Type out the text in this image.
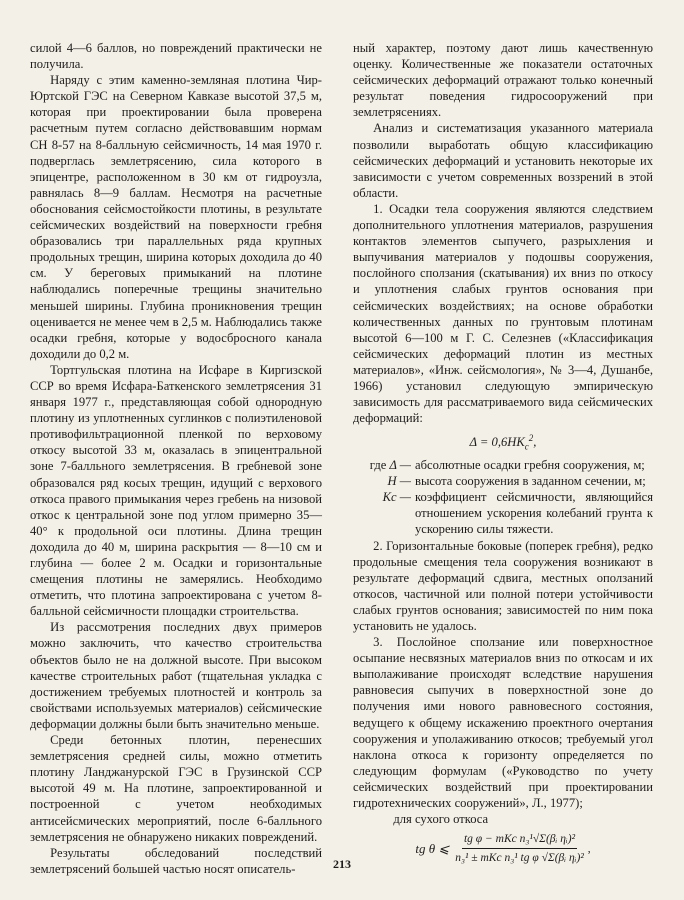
силой 4—6 баллов, но повреждений практически не получила.

Наряду с этим каменно-земляная плотина Чир-Юртской ГЭС на Северном Кавказе высотой 37,5 м, которая при проектировании была проверена расчетным путем согласно действовавшим нормам СН 8-57 на 8-балльную сейсмичность, 14 мая 1970 г. подверглась землетрясению, сила которого в эпицентре, расположенном в 30 км от гидроузла, равнялась 8—9 баллам. Несмотря на расчетные обоснования сейсмостойкости плотины, в результате сейсмических воздействий на поверхности гребня образовались три параллельных ряда крупных продольных трещин, ширина которых доходила до 40 см. У береговых примыканий на плотине наблюдались поперечные трещины значительно меньшей ширины. Глубина проникновения трещин оценивается не менее чем в 2,5 м. Наблюдались также осадки гребня, которые у водосбросного канала доходили до 0,2 м.

Тортгульская плотина на Исфаре в Киргизской ССР во время Исфара-Баткенского землетрясения 31 января 1977 г., представляющая собой однородную плотину из уплотненных суглинков с полиэтиленовой противофильтрационной пленкой по верховому откосу высотой 33 м, оказалась в эпицентральной зоне 7-балльного землетрясения. В гребневой зоне образовался ряд косых трещин, идущий с верхового откоса правого примыкания через гребень на низовой откос к центральной зоне под углом примерно 35—40° к продольной оси плотины. Длина трещин доходила до 40 м, ширина раскрытия — 8—10 см и глубина — более 2 м. Осадки и горизонтальные смещения плотины не замерялись. Необходимо отметить, что плотина запроектирована с учетом 8-балльной сейсмичности площадки строительства.

Из рассмотрения последних двух примеров можно заключить, что качество строительства объектов было не на должной высоте. При высоком качестве строительных работ (тщательная укладка с достижением требуемых плотностей и контроль за свойствами используемых материалов) сейсмические деформации должны были быть значительно меньше.

Среди бетонных плотин, перенесших землетрясения средней силы, можно отметить плотину Ланджанурской ГЭС в Грузинской ССР высотой 49 м. На плотине, запроектированной и построенной с учетом необходимых антисейсмических мероприятий, после 6-балльного землетрясения не обнаружено никаких повреждений.

Результаты обследований последствий землетрясений большей частью носят описатель-

ный характер, поэтому дают лишь качественную оценку. Количественные же показатели остаточных сейсмических деформаций отражают только конечный результат поведения гидросооружений при землетрясениях.

Анализ и систематизация указанного материала позволили выработать общую классификацию сейсмических деформаций и установить некоторые их зависимости с учетом современных воззрений в этой области.

1. Осадки тела сооружения являются следствием дополнительного уплотнения материалов, разрушения контактов элементов сыпучего, разрыхления и выпучивания материалов у подошвы сооружения, послойного сползания (скатывания) их вниз по откосу и уплотнения слабых грунтов основания при сейсмических воздействиях; на основе обработки количественных данных по грунтовым плотинам высотой 6—100 м Г. С. Селезнев («Классификация сейсмических деформаций плотин из местных материалов», «Инж. сейсмология», № 3—4, Душанбе, 1966) установил следующую эмпирическую зависимость для рассматриваемого вида сейсмических деформаций:

$\Delta = 0,6HK_c^2$,
где Δ — абсолютные осадки гребня сооружения, м;
H — высота сооружения в заданном сечении, м;
Kс — коэффициент сейсмичности, являющийся отношением ускорения колебаний грунта к ускорению силы тяжести.

2. Горизонтальные боковые (поперек гребня), редко продольные смещения тела сооружения возникают в результате деформаций сдвига, местных оползаний откосов, частичной или полной потери устойчивости слабых грунтов основания; зависимостей по ним пока установить не удалось.

3. Послойное сползание или поверхностное осыпание несвязных материалов вниз по откосам и их выполаживание происходят вследствие нарушения равновесия сыпучих в поверхностной зоне до получения ими нового равновесного состояния, ведущего к общему искажению проектного очертания сооружения и уполаживанию откосов; требуемый угол наклона откоса к горизонту определяется по следующим формулам («Руководство по учету сейсмических воздействий при проектировании гидротехнических сооружений», Л., 1977);

для сухого откоса

tg θ ⩽ $\frac{\text{tg φ − mKc n₃¹√Σ(βᵢ ηᵢ)²}}{\text{n₃¹ ± mKc n₃¹ tg φ √Σ(βᵢ ηᵢ)²}}$ ,
213
